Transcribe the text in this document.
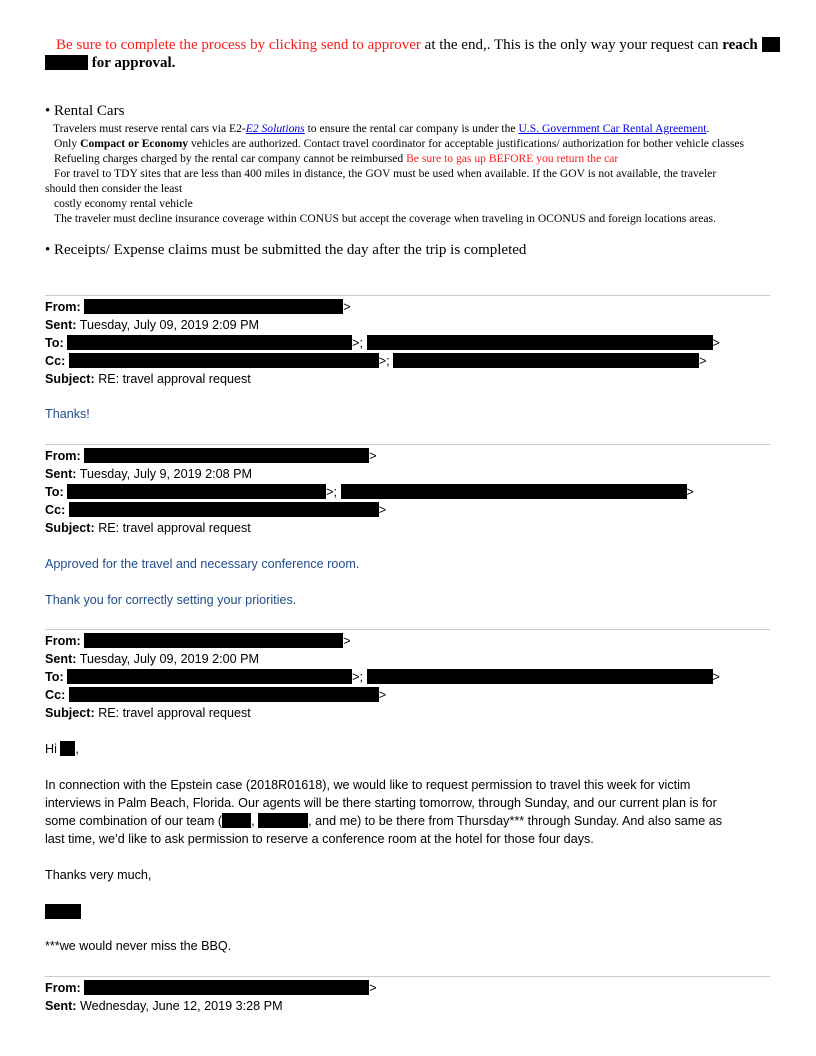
Be sure to complete the process by clicking send to approver at the end,. This is the only way your request can reach
for approval.
• Rental Cars
Travelers must reserve rental cars via E2-E2 Solutions to ensure the rental car company is under the U.S. Government Car Rental Agreement.
Only Compact or Economy vehicles are authorized. Contact travel coordinator for acceptable justifications/ authorization for bother vehicle classes
Refueling charges charged by the rental car company cannot be reimbursed Be sure to gas up BEFORE you return the car
For travel to TDY sites that are less than 400 miles in distance, the GOV must be used when available. If the GOV is not available, the traveler
should then consider the least
costly economy rental vehicle
The traveler must decline insurance coverage within CONUS but accept the coverage when traveling in OCONUS and foreign locations areas.
• Receipts/ Expense claims must be submitted the day after the trip is completed
From:	>
Sent: Tuesday, July 09, 2019 2:09 PM
To:	>;	>
Cc:	>;	>
Subject: RE: travel approval request
Thanks!
From:	>
Sent: Tuesday, July 9, 2019 2:08 PM
To:	>;	>
Cc:	>
Subject: RE: travel approval request
Approved for the travel and necessary conference room.
Thank you for correctly setting your priorities.
From:	>
Sent: Tuesday, July 09, 2019 2:00 PM
To:	>;	>
Cc:	>
Subject: RE: travel approval request
Hi ,
In connection with the Epstein case (2018R01618), we would like to request permission to travel this week for victim
interviews in Palm Beach, Florida. Our agents will be there starting tomorrow, through Sunday, and our current plan is for
some combination of our team ( ,	, and me) to be there from Thursday*** through Sunday. And also same as
last time, we’d like to ask permission to reserve a conference room at the hotel for those four days.
Thanks very much,
***we would never miss the BBQ.
From:	>
Sent: Wednesday, June 12, 2019 3:28 PM
